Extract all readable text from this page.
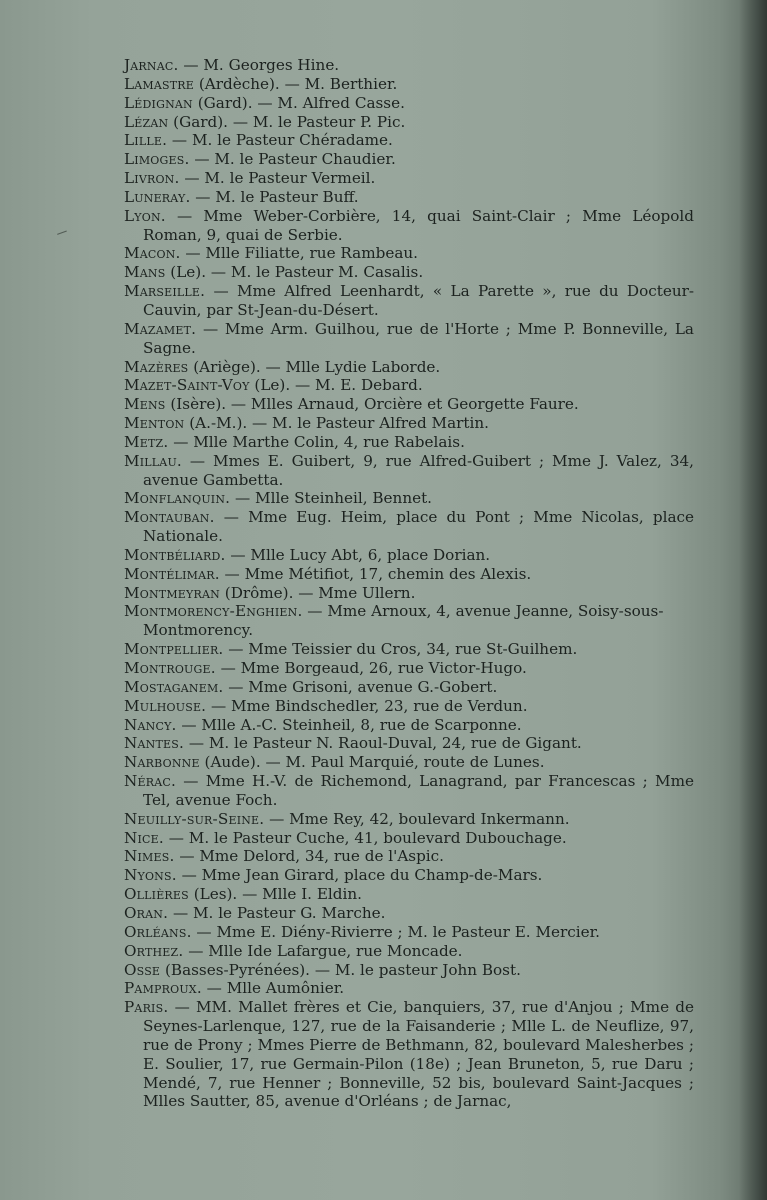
Jarnac. — M. Georges Hine.
Lamastre (Ardèche). — M. Berthier.
Lédignan (Gard). — M. Alfred Casse.
Lézan (Gard). — M. le Pasteur P. Pic.
Lille. — M. le Pasteur Chéradame.
Limoges. — M. le Pasteur Chaudier.
Livron. — M. le Pasteur Vermeil.
Luneray. — M. le Pasteur Buff.
Lyon. — Mme Weber-Corbière, 14, quai Saint-Clair ; Mme Léopold Roman, 9, quai de Serbie.
Macon. — Mlle Filiatte, rue Rambeau.
Mans (Le). — M. le Pasteur M. Casalis.
Marseille. — Mme Alfred Leenhardt, « La Parette », rue du Docteur-Cauvin, par St-Jean-du-Désert.
Mazamet. — Mme Arm. Guilhou, rue de l'Horte ; Mme P. Bonneville, La Sagne.
Mazères (Ariège). — Mlle Lydie Laborde.
Mazet-Saint-Voy (Le). — M. E. Debard.
Mens (Isère). — Mlles Arnaud, Orcière et Georgette Faure.
Menton (A.-M.). — M. le Pasteur Alfred Martin.
Metz. — Mlle Marthe Colin, 4, rue Rabelais.
Millau. — Mmes E. Guibert, 9, rue Alfred-Guibert ; Mme J. Valez, 34, avenue Gambetta.
Monflanquin. — Mlle Steinheil, Bennet.
Montauban. — Mme Eug. Heim, place du Pont ; Mme Nicolas, place Nationale.
Montbéliard. — Mlle Lucy Abt, 6, place Dorian.
Montélimar. — Mme Métifiot, 17, chemin des Alexis.
Montmeyran (Drôme). — Mme Ullern.
Montmorency-Enghien. — Mme Arnoux, 4, avenue Jeanne, Soisy-sous-Montmorency.
Montpellier. — Mme Teissier du Cros, 34, rue St-Guilhem.
Montrouge. — Mme Borgeaud, 26, rue Victor-Hugo.
Mostaganem. — Mme Grisoni, avenue G.-Gobert.
Mulhouse. — Mme Bindschedler, 23, rue de Verdun.
Nancy. — Mlle A.-C. Steinheil, 8, rue de Scarponne.
Nantes. — M. le Pasteur N. Raoul-Duval, 24, rue de Gigant.
Narbonne (Aude). — M. Paul Marquié, route de Lunes.
Nérac. — Mme H.-V. de Richemond, Lanagrand, par Francescas ; Mme Tel, avenue Foch.
Neuilly-sur-Seine. — Mme Rey, 42, boulevard Inkermann.
Nice. — M. le Pasteur Cuche, 41, boulevard Dubouchage.
Nimes. — Mme Delord, 34, rue de l'Aspic.
Nyons. — Mme Jean Girard, place du Champ-de-Mars.
Ollières (Les). — Mlle I. Eldin.
Oran. — M. le Pasteur G. Marche.
Orléans. — Mme E. Diény-Rivierre ; M. le Pasteur E. Mercier.
Orthez. — Mlle Ide Lafargue, rue Moncade.
Osse (Basses-Pyrénées). — M. le pasteur John Bost.
Pamproux. — Mlle Aumônier.
Paris. — MM. Mallet frères et Cie, banquiers, 37, rue d'Anjou ; Mme de Seynes-Larlenque, 127, rue de la Faisanderie ; Mlle L. de Neuflize, 97, rue de Prony ; Mmes Pierre de Bethmann, 82, boulevard Malesherbes ; E. Soulier, 17, rue Germain-Pilon (18e) ; Jean Bruneton, 5, rue Daru ; Mendé, 7, rue Henner ; Bonneville, 52 bis, boulevard Saint-Jacques ; Mlles Sautter, 85, avenue d'Orléans ; de Jarnac,
